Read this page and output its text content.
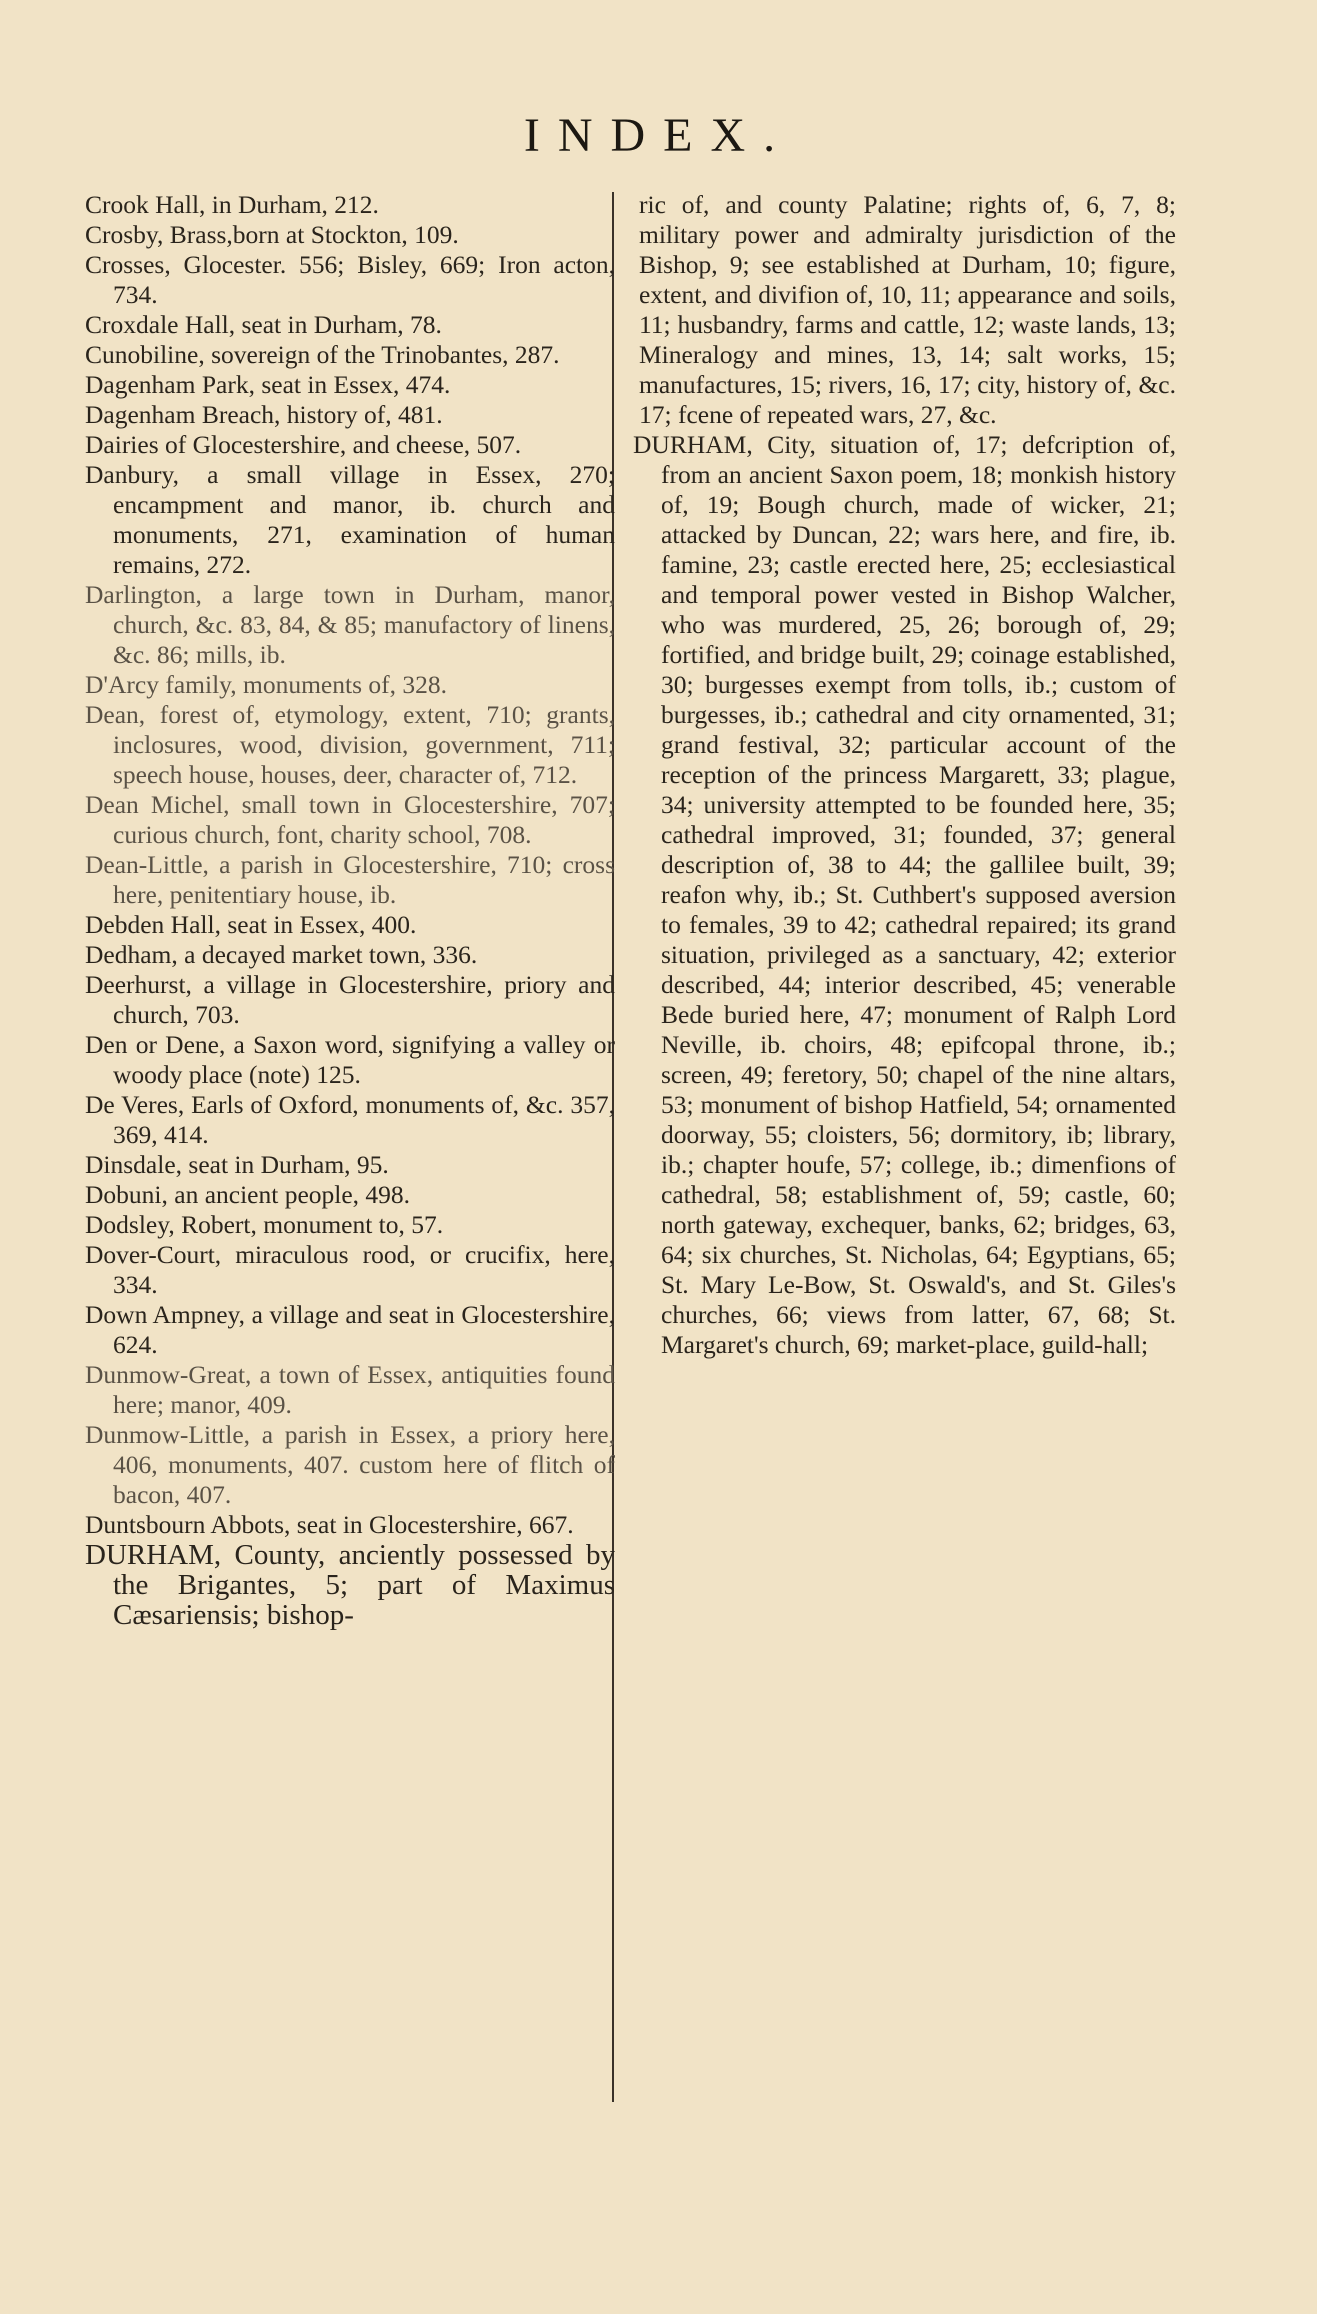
INDEX.
Crook Hall, in Durham, 212.
Crosby, Brass,born at Stockton, 109.
Crosses, Glocester. 556; Bisley, 669; Iron acton, 734.
Croxdale Hall, seat in Durham, 78.
Cunobiline, sovereign of the Trinobantes, 287.
Dagenham Park, seat in Essex, 474.
Dagenham Breach, history of, 481.
Dairies of Glocestershire, and cheese, 507.
Danbury, a small village in Essex, 270; encampment and manor, ib. church and monuments, 271, examination of human remains, 272.
Darlington, a large town in Durham, manor, church, &c. 83, 84, & 85; manufactory of linens, &c. 86; mills, ib.
D'Arcy family, monuments of, 328.
Dean, forest of, etymology, extent, 710; grants, inclosures, wood, division, government, 711; speech house, houses, deer, character of, 712.
Dean Michel, small town in Glocestershire, 707; curious church, font, charity school, 708.
Dean-Little, a parish in Glocestershire, 710; cross here, penitentiary house, ib.
Debden Hall, seat in Essex, 400.
Dedham, a decayed market town, 336.
Deerhurst, a village in Glocestershire, priory and church, 703.
Den or Dene, a Saxon word, signifying a valley or woody place (note) 125.
De Veres, Earls of Oxford, monuments of, &c. 357, 369, 414.
Dinsdale, seat in Durham, 95.
Dobuni, an ancient people, 498.
Dodsley, Robert, monument to, 57.
Dover-Court, miraculous rood, or crucifix, here, 334.
Down Ampney, a village and seat in Glocestershire, 624.
Dunmow-Great, a town of Essex, antiquities found here; manor, 409.
Dunmow-Little, a parish in Essex, a priory here, 406, monuments, 407. custom here of flitch of bacon, 407.
Duntsbourn Abbots, seat in Glocestershire, 667.
DURHAM, County, anciently possessed by the Brigantes, 5; part of Maximus Cæsariensis; bishop-
ric of, and county Palatine; rights of, 6, 7, 8; military power and admiralty jurisdiction of the Bishop, 9; see established at Durham, 10; figure, extent, and divifion of, 10, 11; appearance and soils, 11; husbandry, farms and cattle, 12; waste lands, 13; Mineralogy and mines, 13, 14; salt works, 15; manufactures, 15; rivers, 16, 17; city, history of, &c. 17; fcene of repeated wars, 27, &c.
DURHAM, City, situation of, 17; defcription of, from an ancient Saxon poem, 18; monkish history of, 19; Bough church, made of wicker, 21; attacked by Duncan, 22; wars here, and fire, ib. famine, 23; castle erected here, 25; ecclesiastical and temporal power vested in Bishop Walcher, who was murdered, 25, 26; borough of, 29; fortified, and bridge built, 29; coinage established, 30; burgesses exempt from tolls, ib.; custom of burgesses, ib.; cathedral and city ornamented, 31; grand festival, 32; particular account of the reception of the princess Margarett, 33; plague, 34; university attempted to be founded here, 35; cathedral improved, 31; founded, 37; general description of, 38 to 44; the gallilee built, 39; reafon why, ib.; St. Cuthbert's supposed aversion to females, 39 to 42; cathedral repaired; its grand situation, privileged as a sanctuary, 42; exterior described, 44; interior described, 45; venerable Bede buried here, 47; monument of Ralph Lord Neville, ib. choirs, 48; epifcopal throne, ib.; screen, 49; feretory, 50; chapel of the nine altars, 53; monument of bishop Hatfield, 54; ornamented doorway, 55; cloisters, 56; dormitory, ib; library, ib.; chapter houfe, 57; college, ib.; dimenfions of cathedral, 58; establishment of, 59; castle, 60; north gateway, exchequer, banks, 62; bridges, 63, 64; six churches, St. Nicholas, 64; Egyptians, 65; St. Mary Le-Bow, St. Oswald's, and St. Giles's churches, 66; views from latter, 67, 68; St. Margaret's church, 69; market-place, guild-hall;
